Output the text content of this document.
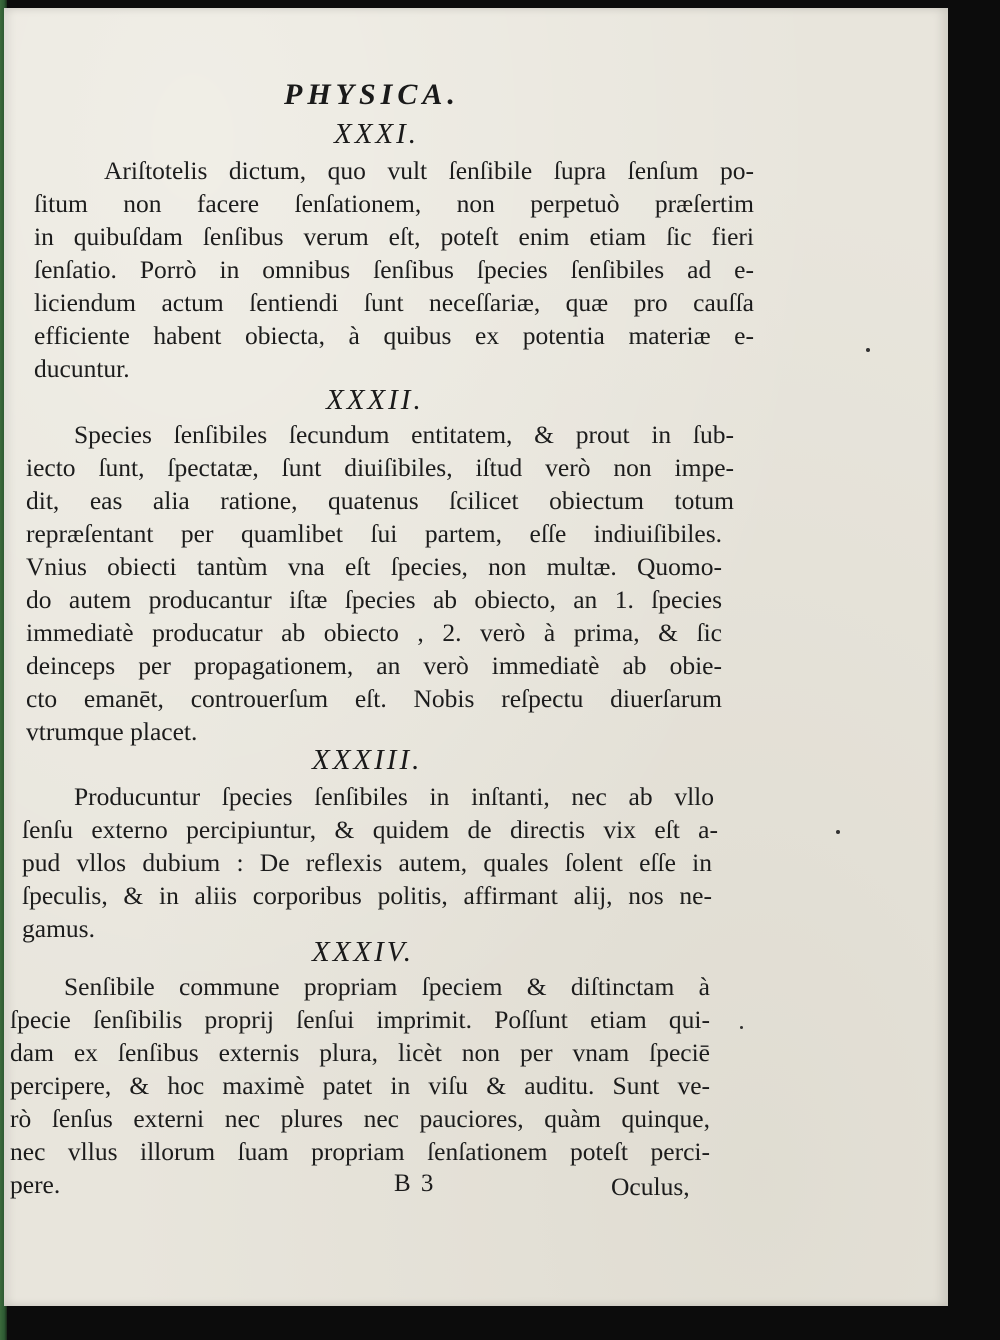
PHYSICA.
XXXI.
Ariſtotelis dictum, quo vult ſenſibile ſupra ſenſum po-
ſitum non facere ſenſationem, non perpetuò præſertim
in quibuſdam ſenſibus verum eſt, poteſt enim etiam ſic fieri
ſenſatio. Porrò in omnibus ſenſibus ſpecies ſenſibiles ad e-
liciendum actum ſentiendi ſunt neceſſariæ, quæ pro cauſſa
efficiente habent obiecta, à quibus ex potentia materiæ e-
ducuntur.
XXXII.
Species ſenſibiles ſecundum entitatem, & prout in ſub-
iecto ſunt, ſpectatæ, ſunt diuiſibiles, iſtud verò non impe-
dit, eas alia ratione, quatenus ſcilicet obiectum totum
repræſentant per quamlibet ſui partem, eſſe indiuiſibiles.
Vnius obiecti tantùm vna eſt ſpecies, non multæ. Quomo-
do autem producantur iſtæ ſpecies ab obiecto, an 1. ſpecies
immediatè producatur ab obiecto , 2. verò à prima, & ſic
deinceps per propagationem, an verò immediatè ab obie-
cto emanēt, controuerſum eſt. Nobis reſpectu diuerſarum
vtrumque placet.
XXXIII.
Producuntur ſpecies ſenſibiles in inſtanti, nec ab vllo
ſenſu externo percipiuntur, & quidem de directis vix eſt a-
pud vllos dubium : De reflexis autem, quales ſolent eſſe in
ſpeculis, & in aliis corporibus politis, affirmant alij, nos ne-
gamus.
XXXIV.
Senſibile commune propriam ſpeciem & diſtinctam à
ſpecie ſenſibilis proprij ſenſui imprimit. Poſſunt etiam qui-
dam ex ſenſibus externis plura, licèt non per vnam ſpeciē
percipere, & hoc maximè patet in viſu & auditu. Sunt ve-
rò ſenſus externi nec plures nec pauciores, quàm quinque,
nec vllus illorum ſuam propriam ſenſationem poteſt perci-
pere.	B 3	Oculus,
